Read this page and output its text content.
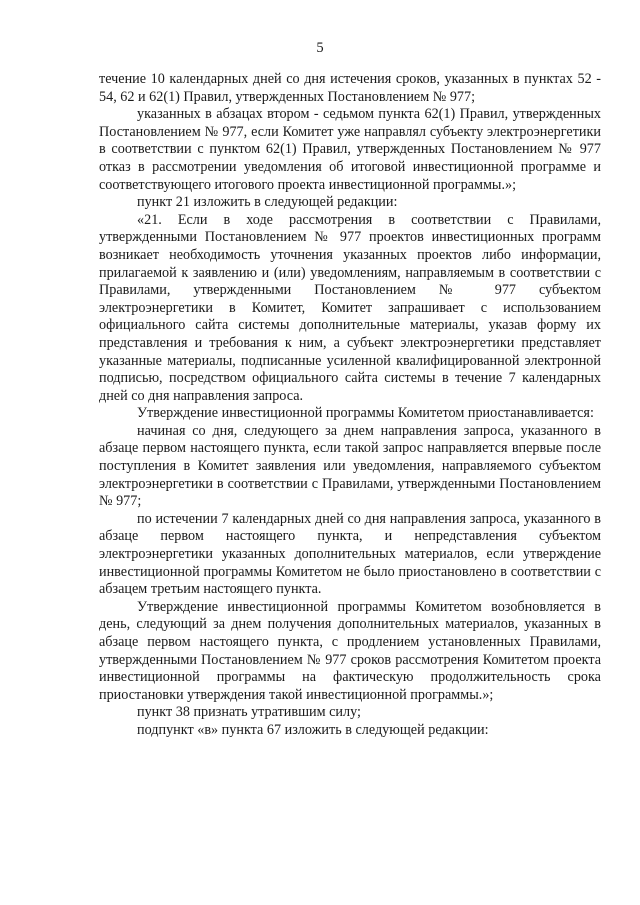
5

течение 10 календарных дней со дня истечения сроков, указанных в пунктах 52 - 54, 62 и 62(1) Правил, утвержденных Постановлением № 977;

указанных в абзацах втором - седьмом пункта 62(1) Правил, утвержденных Постановлением № 977, если Комитет уже направлял субъекту электроэнергетики в соответствии с пунктом 62(1) Правил, утвержденных Постановлением № 977 отказ в рассмотрении уведомления об итоговой инвестиционной программе и соответствующего итогового проекта инвестиционной программы.»;

пункт 21 изложить в следующей редакции:

«21. Если в ходе рассмотрения в соответствии с Правилами, утвержденными Постановлением № 977 проектов инвестиционных программ возникает необходимость уточнения указанных проектов либо информации, прилагаемой к заявлению и (или) уведомлениям, направляемым в соответствии с Правилами, утвержденными Постановлением № 977 субъектом электроэнергетики в Комитет, Комитет запрашивает с использованием официального сайта системы дополнительные материалы, указав форму их представления и требования к ним, а субъект электроэнергетики представляет указанные материалы, подписанные усиленной квалифицированной электронной подписью, посредством официального сайта системы в течение 7 календарных дней со дня направления запроса.

Утверждение инвестиционной программы Комитетом приостанавливается:

начиная со дня, следующего за днем направления запроса, указанного в абзаце первом настоящего пункта, если такой запрос направляется впервые после поступления в Комитет заявления или уведомления, направляемого субъектом электроэнергетики в соответствии с Правилами, утвержденными Постановлением № 977;

по истечении 7 календарных дней со дня направления запроса, указанного в абзаце первом настоящего пункта, и непредставления субъектом электроэнергетики указанных дополнительных материалов, если утверждение инвестиционной программы Комитетом не было приостановлено в соответствии с абзацем третьим настоящего пункта.

Утверждение инвестиционной программы Комитетом возобновляется в день, следующий за днем получения дополнительных материалов, указанных в абзаце первом настоящего пункта, с продлением установленных Правилами, утвержденными Постановлением № 977 сроков рассмотрения Комитетом проекта инвестиционной программы на фактическую продолжительность срока приостановки утверждения такой инвестиционной программы.»;

пункт 38 признать утратившим силу;

подпункт «в» пункта 67 изложить в следующей редакции:
